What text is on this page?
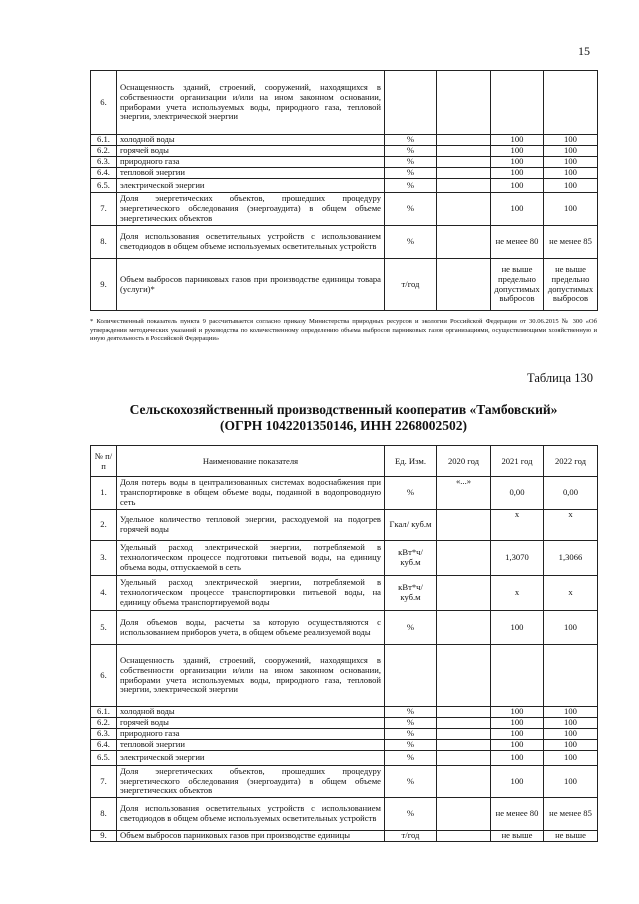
15
6.	Оснащенность зданий, строений, сооружений, находящихся в собственности организации и/или на ином законном основании, приборами учета используемых воды, природного газа, тепловой энергии, электрической энергии				
6.1.	холодной воды	%		100	100
6.2.	горячей воды	%		100	100
6.3.	природного газа	%		100	100
6.4.	тепловой энергии	%		100	100
6.5.	электрической энергии	%		100	100
7.	Доля энергетических объектов, прошедших процедуру энергетического обследования (энергоаудита) в общем объеме энергетических объектов	%		100	100
8.	Доля использования осветительных устройств с использованием светодиодов в общем объеме используемых осветительных устройств	%		не менее 80	не менее 85
9.	Объем выбросов парниковых газов при производстве единицы товара (услуги)*	т/год		не выше предельно допустимых выбросов	не выше предельно допустимых выбросов
* Количественный показатель пункта 9 рассчитывается согласно приказу Министерства природных ресурсов и экологии Российской Федерации от 30.06.2015 № 300 «Об утверждении методических указаний и руководства по количественному определению объема выбросов парниковых газов организациями, осуществляющими хозяйственную и иную деятельность в Российской Федерации»
Таблица 130
Сельскохозяйственный производственный кооператив «Тамбовский»
(ОГРН 1042201350146, ИНН 2268002502)
№ п/п	Наименование показателя	Ед. Изм.	2020 год	2021 год	2022 год
1.	Доля потерь воды в централизованных системах водоснабжения при транспортировке в общем объеме воды, поданной в водопроводную сеть	%	«...»	0,00	0,00
2.	Удельное количество тепловой энергии, расходуемой на подогрев горячей воды	Гкал/ куб.м		х	х
3.	Удельный расход электрической энергии, потребляемой в технологическом процессе подготовки питьевой воды, на единицу объема воды, отпускаемой в сеть	кВт*ч/ куб.м		1,3070	1,3066
4.	Удельный расход электрической энергии, потребляемой в технологическом процессе транспортировки питьевой воды, на единицу объема транспортируемой воды	кВт*ч/ куб.м		х	х
5.	Доля объемов воды, расчеты за которую осуществляются с использованием приборов учета, в общем объеме реализуемой воды	%		100	100
6.	Оснащенность зданий, строений, сооружений, находящихся в собственности организации и/или на ином законном основании, приборами учета используемых воды, природного газа, тепловой энергии, электрической энергии				
6.1.	холодной воды	%		100	100
6.2.	горячей воды	%		100	100
6.3.	природного газа	%		100	100
6.4.	тепловой энергии	%		100	100
6.5.	электрической энергии	%		100	100
7.	Доля энергетических объектов, прошедших процедуру энергетического обследования (энергоаудита) в общем объеме энергетических объектов	%		100	100
8.	Доля использования осветительных устройств с использованием светодиодов в общем объеме используемых осветительных устройств	%		не менее 80	не менее 85
9.	Объем выбросов парниковых газов при производстве единицы	т/год		не выше	не выше
